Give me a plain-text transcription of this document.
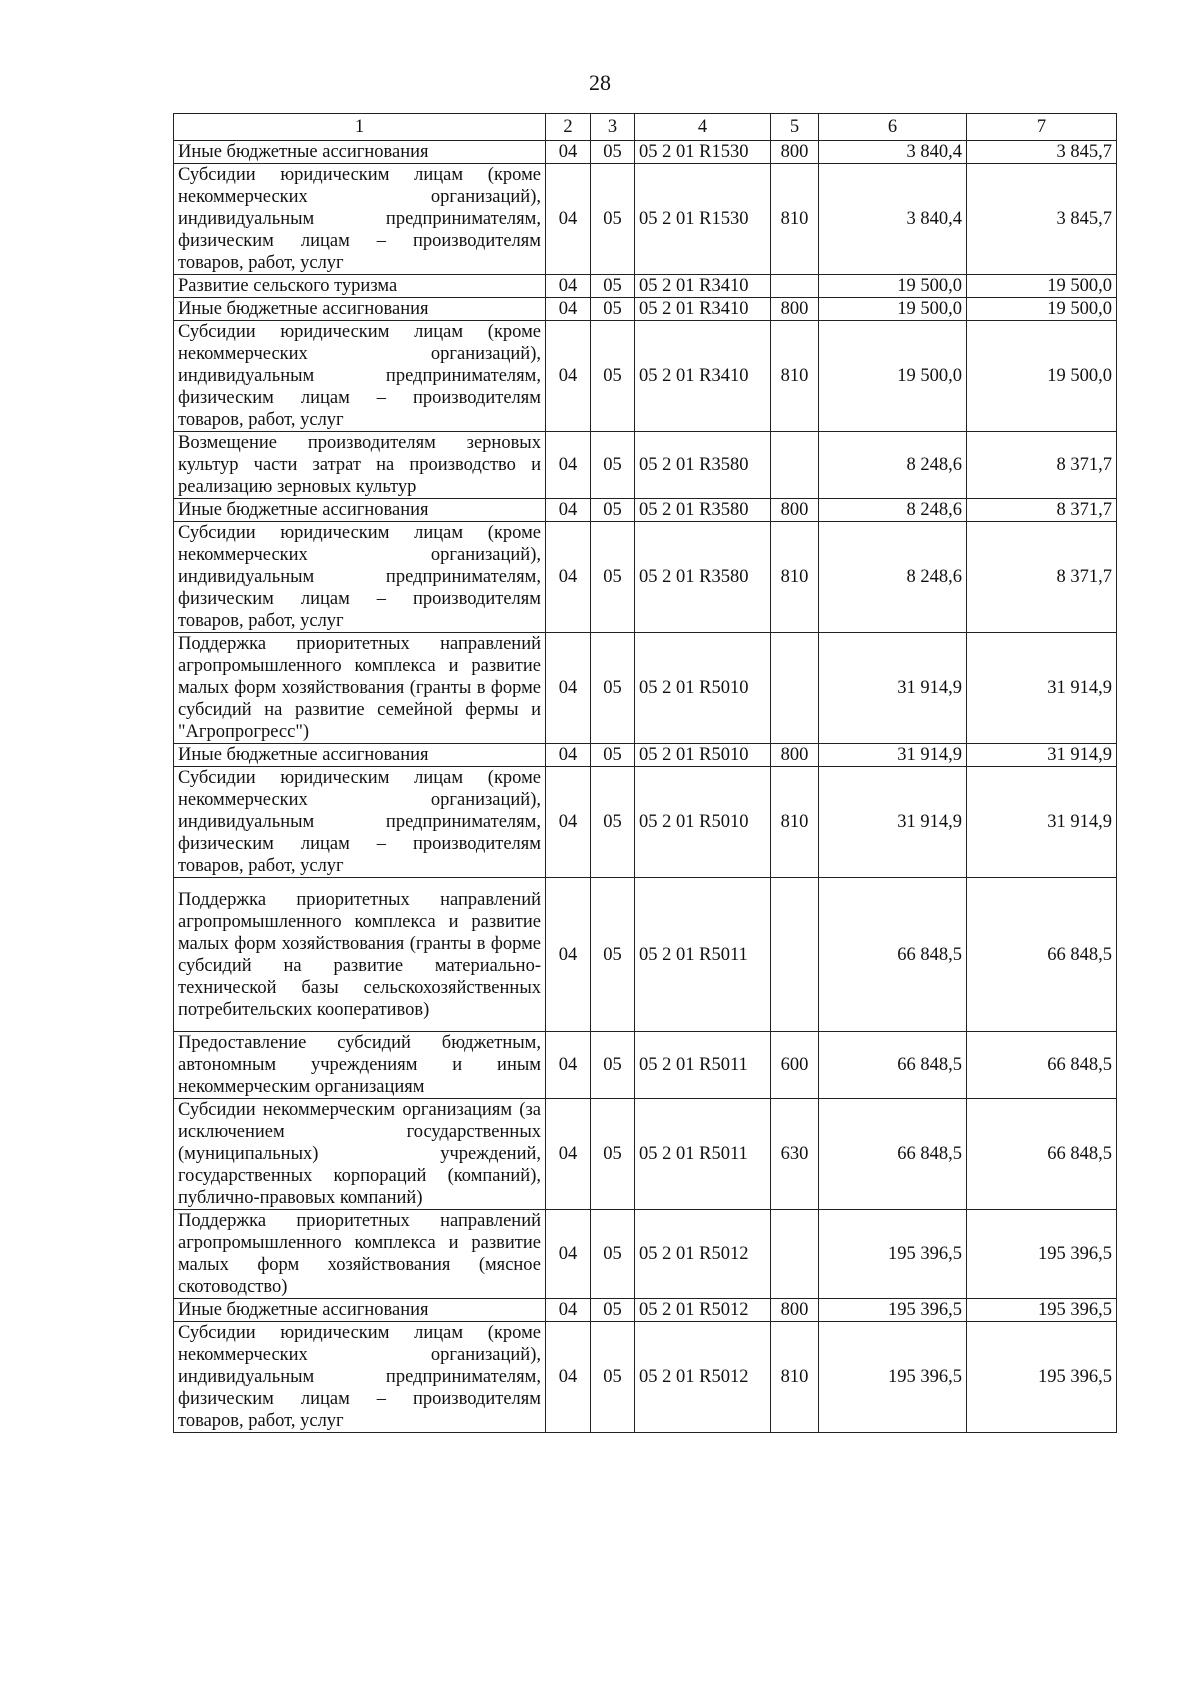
28
1	2	3	4	5	6	7
Иные бюджетные ассигнования	04	05	05 2 01 R1530	800	3 840,4	3 845,7
Субсидии юридическим лицам (кроме некоммерческих организаций), индивидуальным предпринимателям, физическим лицам – производителям товаров, работ, услуг	04	05	05 2 01 R1530	810	3 840,4	3 845,7
Развитие сельского туризма	04	05	05 2 01 R3410		19 500,0	19 500,0
Иные бюджетные ассигнования	04	05	05 2 01 R3410	800	19 500,0	19 500,0
Субсидии юридическим лицам (кроме некоммерческих организаций), индивидуальным предпринимателям, физическим лицам – производителям товаров, работ, услуг	04	05	05 2 01 R3410	810	19 500,0	19 500,0
Возмещение производителям зерновых культур части затрат на производство и реализацию зерновых культур	04	05	05 2 01 R3580		8 248,6	8 371,7
Иные бюджетные ассигнования	04	05	05 2 01 R3580	800	8 248,6	8 371,7
Субсидии юридическим лицам (кроме некоммерческих организаций), индивидуальным предпринимателям, физическим лицам – производителям товаров, работ, услуг	04	05	05 2 01 R3580	810	8 248,6	8 371,7
Поддержка приоритетных направлений агропромышленного комплекса и развитие малых форм хозяйствования (гранты в форме субсидий на развитие семейной фермы и "Агропрогресс")	04	05	05 2 01 R5010		31 914,9	31 914,9
Иные бюджетные ассигнования	04	05	05 2 01 R5010	800	31 914,9	31 914,9
Субсидии юридическим лицам (кроме некоммерческих организаций), индивидуальным предпринимателям, физическим лицам – производителям товаров, работ, услуг	04	05	05 2 01 R5010	810	31 914,9	31 914,9
Поддержка приоритетных направлений агропромышленного комплекса и развитие малых форм хозяйствования (гранты в форме субсидий на развитие материально-технической базы сельскохозяйственных потребительских кооперативов)	04	05	05 2 01 R5011		66 848,5	66 848,5
Предоставление субсидий бюджетным, автономным учреждениям и иным некоммерческим организациям	04	05	05 2 01 R5011	600	66 848,5	66 848,5
Субсидии некоммерческим организациям (за исключением государственных (муниципальных) учреждений, государственных корпораций (компаний), публично-правовых компаний)	04	05	05 2 01 R5011	630	66 848,5	66 848,5
Поддержка приоритетных направлений агропромышленного комплекса и развитие малых форм хозяйствования (мясное скотоводство)	04	05	05 2 01 R5012		195 396,5	195 396,5
Иные бюджетные ассигнования	04	05	05 2 01 R5012	800	195 396,5	195 396,5
Субсидии юридическим лицам (кроме некоммерческих организаций), индивидуальным предпринимателям, физическим лицам – производителям товаров, работ, услуг	04	05	05 2 01 R5012	810	195 396,5	195 396,5
